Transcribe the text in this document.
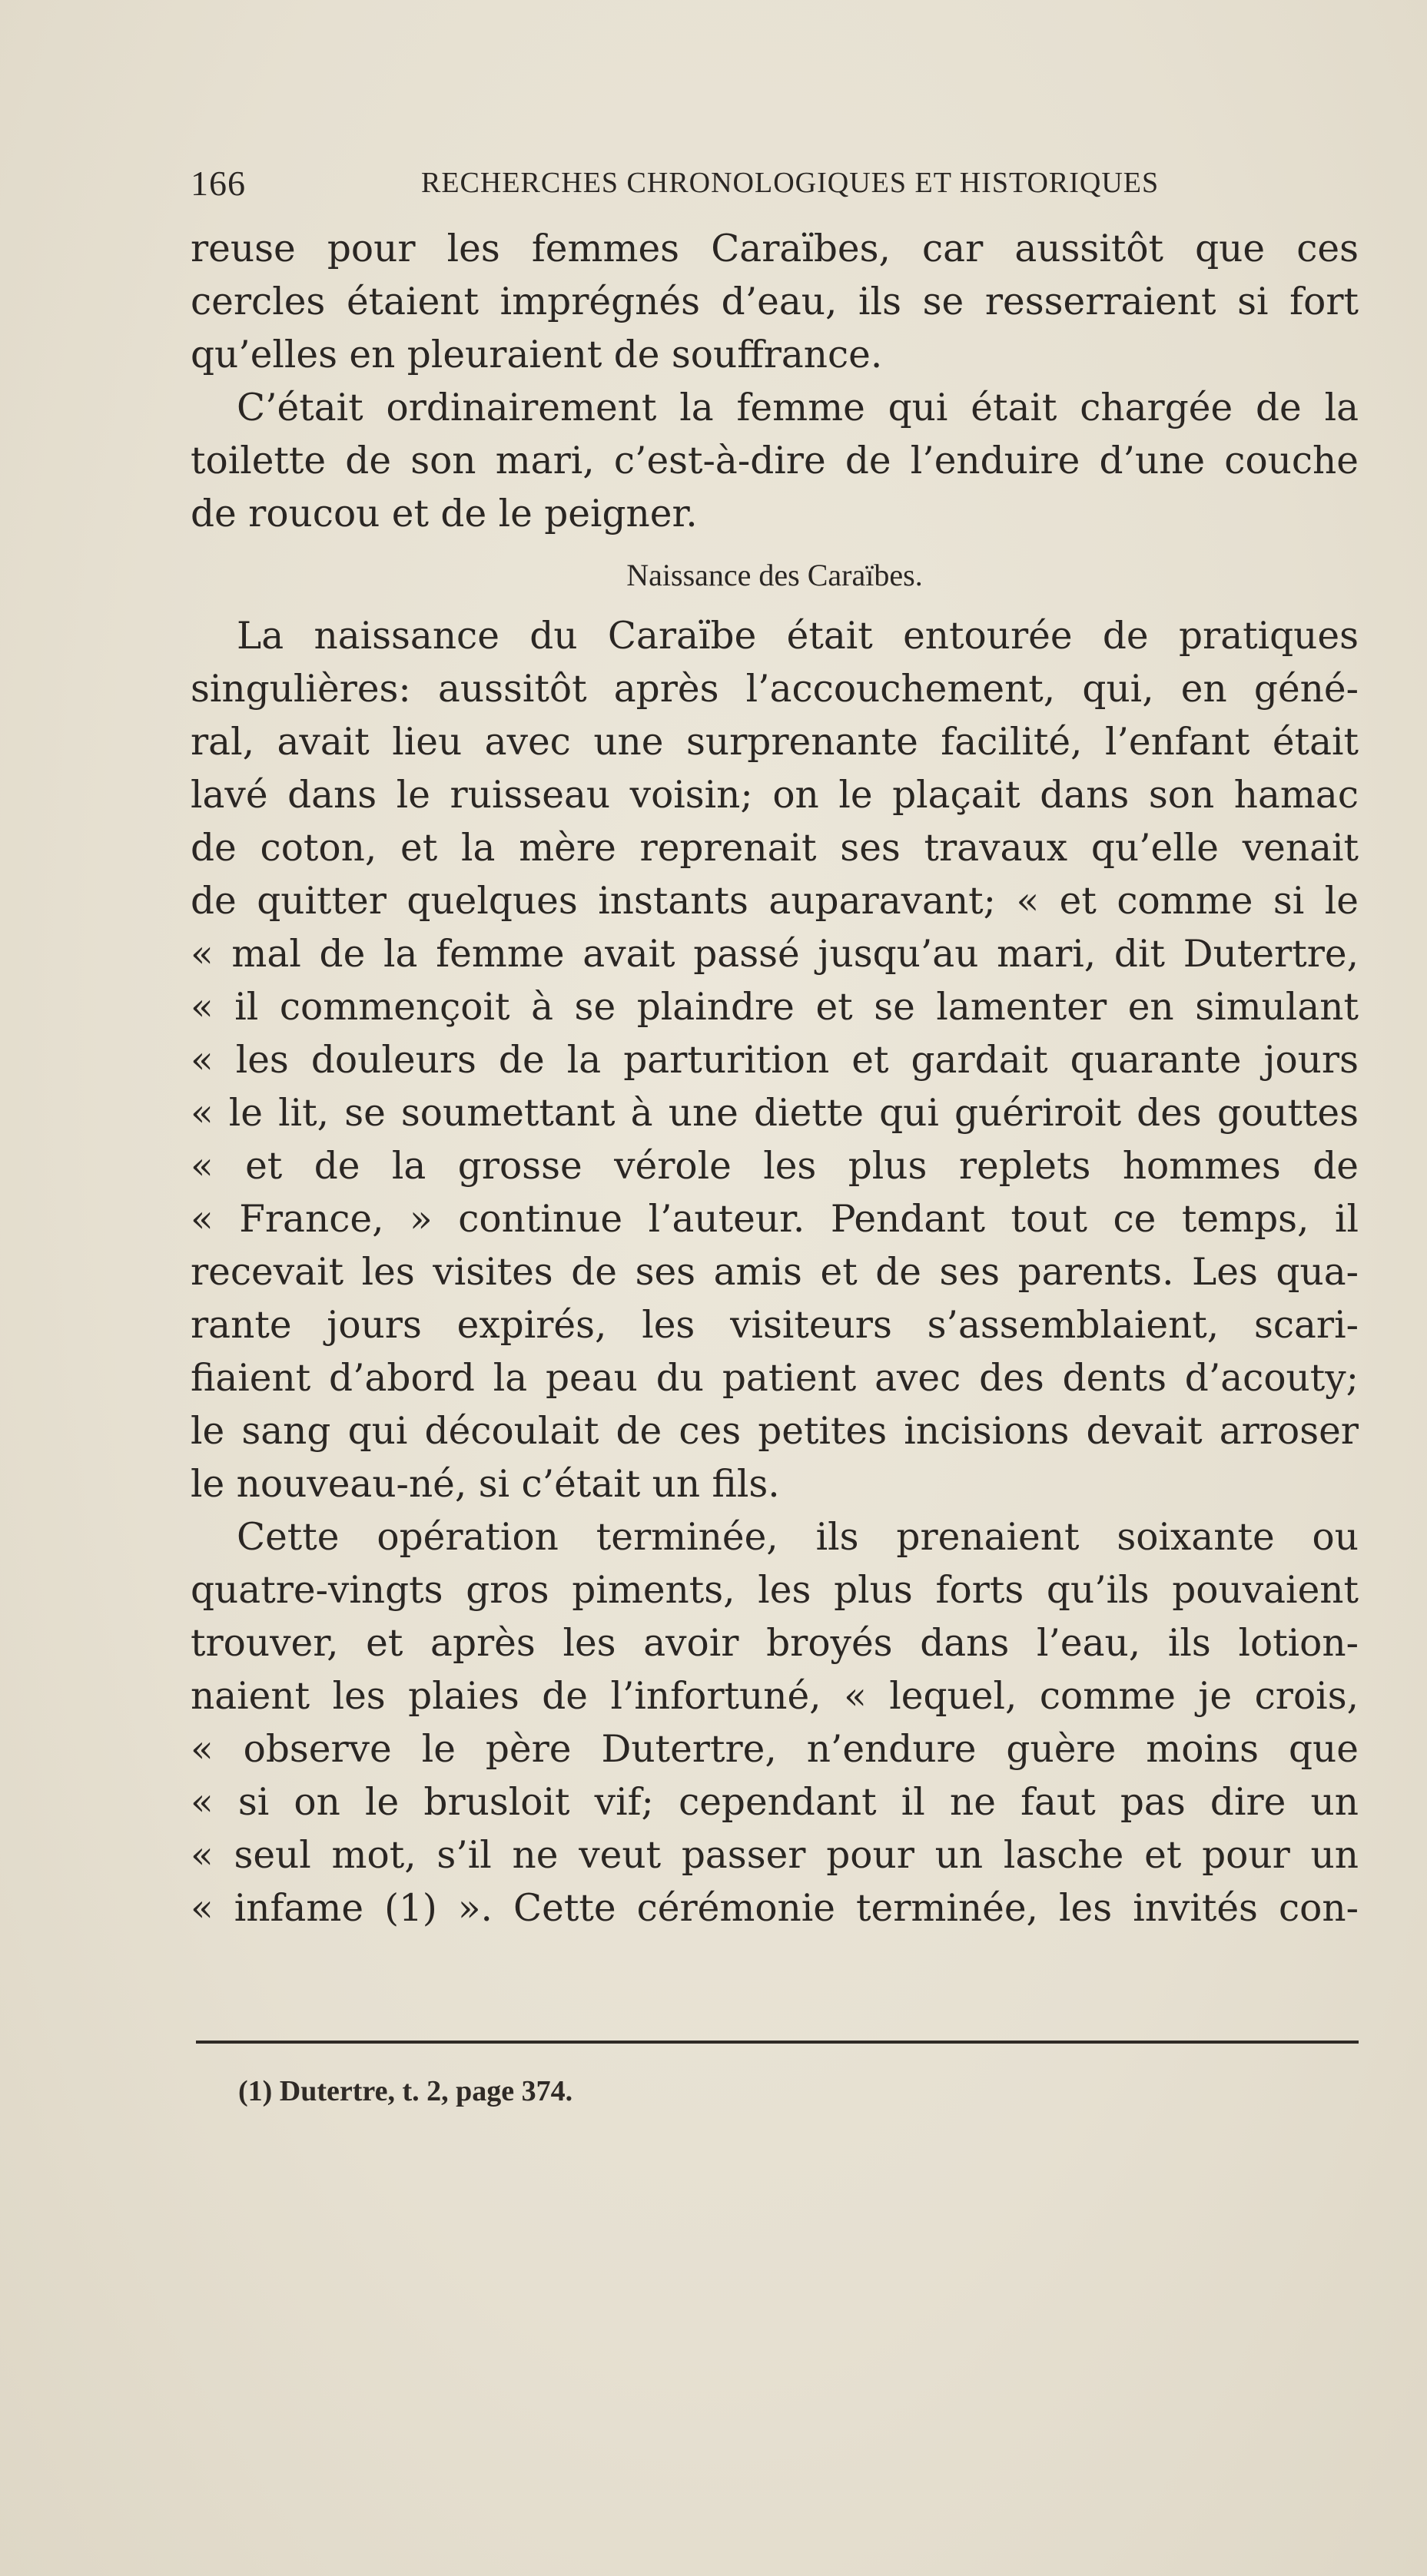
166	RECHERCHES CHRONOLOGIQUES ET HISTORIQUES
reuse pour les femmes Caraïbes, car aussitôt que ces
cercles étaient imprégnés d’eau, ils se resserraient si fort
qu’elles en pleuraient de souffrance.
C’était ordinairement la femme qui était chargée de la
toilette de son mari, c’est-à-dire de l’enduire d’une couche
de roucou et de le peigner.
Naissance des Caraïbes.
La naissance du Caraïbe était entourée de pratiques
singulières: aussitôt après l’accouchement, qui, en géné-
ral, avait lieu avec une surprenante facilité, l’enfant était
lavé dans le ruisseau voisin; on le plaçait dans son hamac
de coton, et la mère reprenait ses travaux qu’elle venait
de quitter quelques instants auparavant; « et comme si le
« mal de la femme avait passé jusqu’au mari, dit Dutertre,
« il commençoit à se plaindre et se lamenter en simulant
« les douleurs de la parturition et gardait quarante jours
« le lit, se soumettant à une diette qui guériroit des gouttes
« et de la grosse vérole les plus replets hommes de
« France, » continue l’auteur. Pendant tout ce temps, il
recevait les visites de ses amis et de ses parents. Les qua-
rante jours expirés, les visiteurs s’assemblaient, scari-
fiaient d’abord la peau du patient avec des dents d’acouty;
le sang qui découlait de ces petites incisions devait arroser
le nouveau-né, si c’était un fils.
Cette opération terminée, ils prenaient soixante ou
quatre-vingts gros piments, les plus forts qu’ils pouvaient
trouver, et après les avoir broyés dans l’eau, ils lotion-
naient les plaies de l’infortuné, « lequel, comme je crois,
« observe le père Dutertre, n’endure guère moins que
« si on le brusloit vif; cependant il ne faut pas dire un
« seul mot, s’il ne veut passer pour un lasche et pour un
« infame (1) ». Cette cérémonie terminée, les invités con-
(1) Dutertre, t. 2, page 374.
